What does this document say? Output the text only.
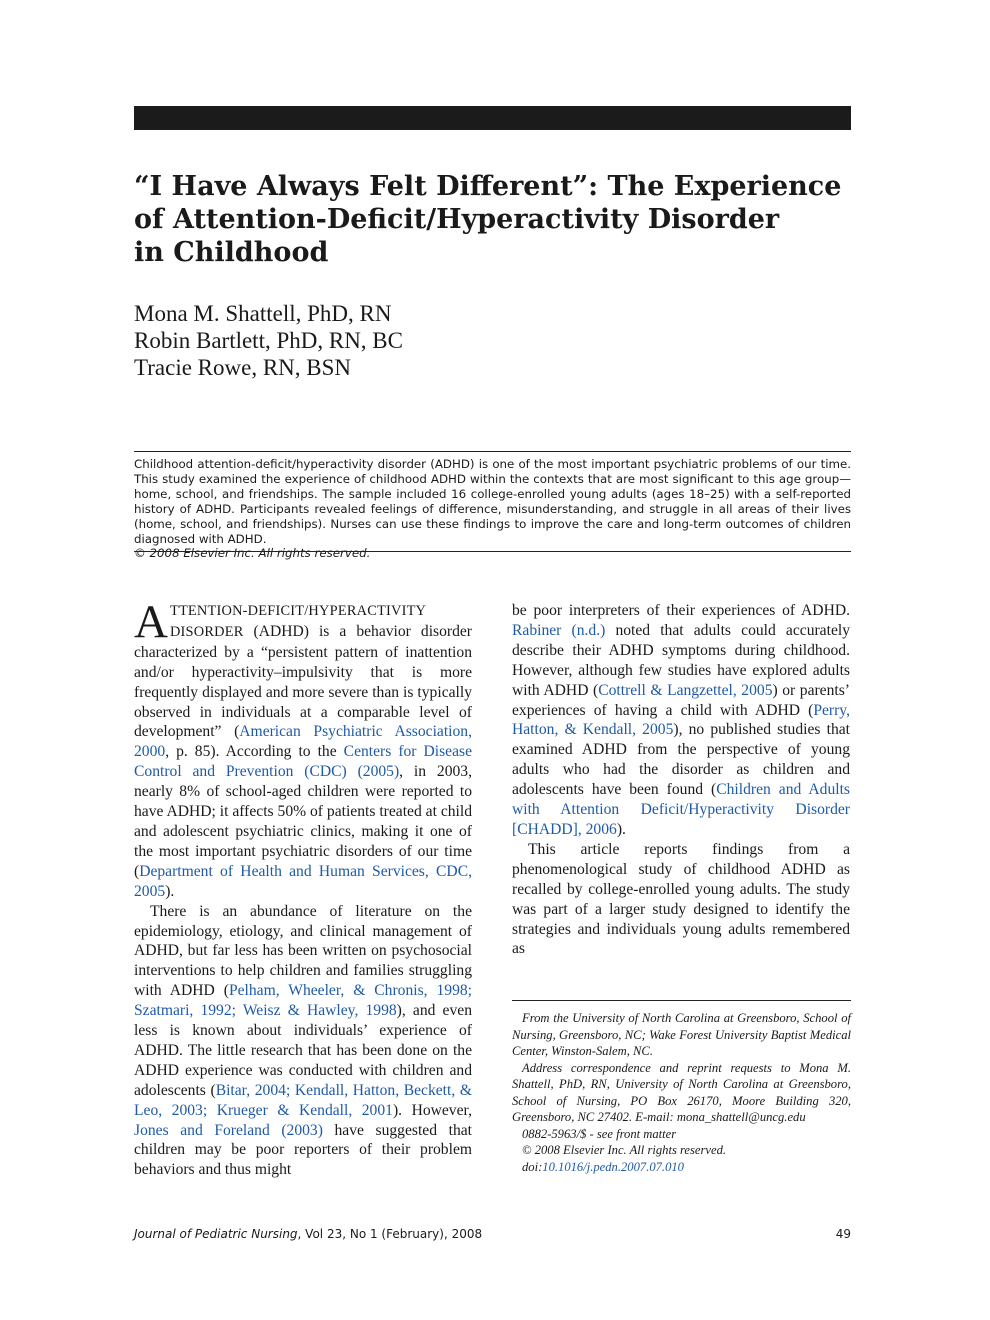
“I Have Always Felt Different”: The Experience
of Attention-Deficit/Hyperactivity Disorder
in Childhood
Mona M. Shattell, PhD, RN
Robin Bartlett, PhD, RN, BC
Tracie Rowe, RN, BSN
Childhood attention-deficit/hyperactivity disorder (ADHD) is one of the most important psychiatric problems of our time. This study examined the experience of childhood ADHD within the contexts that are most significant to this age group—home, school, and friendships. The sample included 16 college-enrolled young adults (ages 18–25) with a self-reported history of ADHD. Participants revealed feelings of difference, misunderstanding, and struggle in all areas of their lives (home, school, and friendships). Nurses can use these findings to improve the care and long-term outcomes of children diagnosed with ADHD.
© 2008 Elsevier Inc. All rights reserved.

ATTENTION-DEFICIT/HYPERACTIVITY DISORDER (ADHD) is a behavior disorder characterized by a “persistent pattern of inattention and/or hyperactivity–impulsivity that is more frequently displayed and more severe than is typically observed in individuals at a comparable level of development” (American Psychiatric Association, 2000, p. 85). According to the Centers for Disease Control and Prevention (CDC) (2005), in 2003, nearly 8% of school-aged children were reported to have ADHD; it affects 50% of patients treated at child and adolescent psychiatric clinics, making it one of the most important psychiatric disorders of our time (Department of Health and Human Services, CDC, 2005).

There is an abundance of literature on the epidemiology, etiology, and clinical management of ADHD, but far less has been written on psychosocial interventions to help children and families struggling with ADHD (Pelham, Wheeler, & Chronis, 1998; Szatmari, 1992; Weisz & Hawley, 1998), and even less is known about individuals’ experience of ADHD. The little research that has been done on the ADHD experience was conducted with children and adolescents (Bitar, 2004; Kendall, Hatton, Beckett, & Leo, 2003; Krueger & Kendall, 2001). However, Jones and Foreland (2003) have suggested that children may be poor reporters of their problem behaviors and thus might

be poor interpreters of their experiences of ADHD. Rabiner (n.d.) noted that adults could accurately describe their ADHD symptoms during childhood. However, although few studies have explored adults with ADHD (Cottrell & Langzettel, 2005) or parents’ experiences of having a child with ADHD (Perry, Hatton, & Kendall, 2005), no published studies that examined ADHD from the perspective of young adults who had the disorder as children and adolescents have been found (Children and Adults with Attention Deficit/Hyperactivity Disorder [CHADD], 2006).

This article reports findings from a phenomenological study of childhood ADHD as recalled by college-enrolled young adults. The study was part of a larger study designed to identify the strategies and individuals young adults remembered as

From the University of North Carolina at Greensboro, School of Nursing, Greensboro, NC; Wake Forest University Baptist Medical Center, Winston-Salem, NC.

Address correspondence and reprint requests to Mona M. Shattell, PhD, RN, University of North Carolina at Greensboro, School of Nursing, PO Box 26170, Moore Building 320, Greensboro, NC 27402. E-mail: mona_shattell@uncg.edu

0882-5963/$ - see front matter

© 2008 Elsevier Inc. All rights reserved.

doi:10.1016/j.pedn.2007.07.010

Journal of Pediatric Nursing, Vol 23, No 1 (February), 2008	49
